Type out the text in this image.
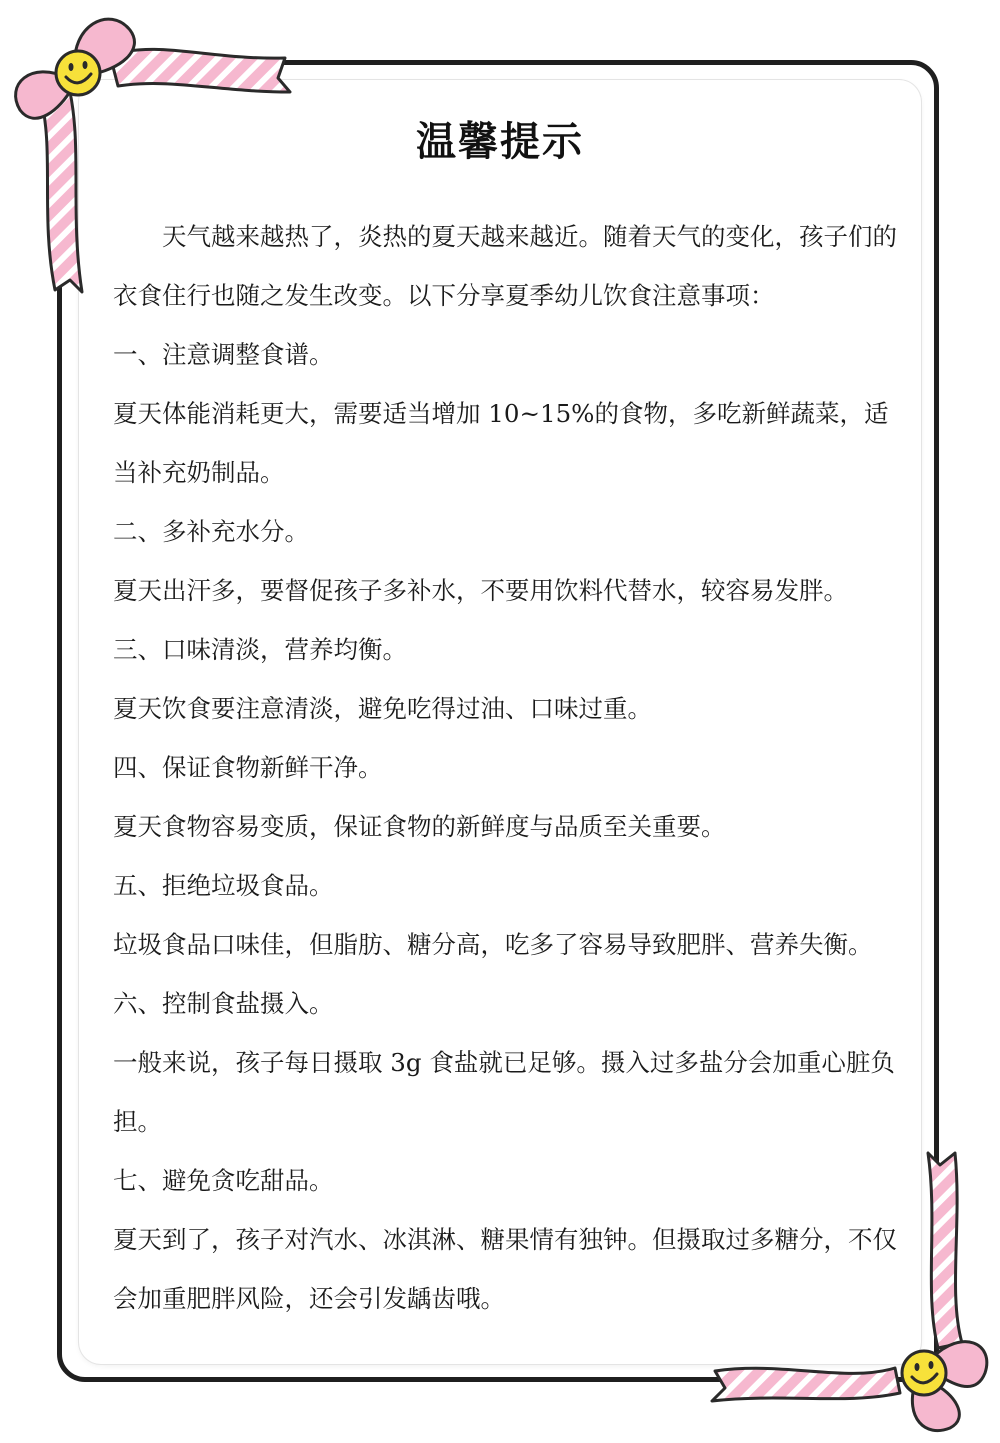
温馨提示

天气越来越热了，炎热的夏天越来越近。随着天气的变化，孩子们的衣食住行也随之发生改变。以下分享夏季幼儿饮食注意事项：

一、注意调整食谱。

夏天体能消耗更大，需要适当增加 10~15%的食物，多吃新鲜蔬菜，适当补充奶制品。

二、多补充水分。

夏天出汗多，要督促孩子多补水，不要用饮料代替水，较容易发胖。

三、口味清淡，营养均衡。

夏天饮食要注意清淡，避免吃得过油、口味过重。

四、保证食物新鲜干净。

夏天食物容易变质，保证食物的新鲜度与品质至关重要。

五、拒绝垃圾食品。

垃圾食品口味佳，但脂肪、糖分高，吃多了容易导致肥胖、营养失衡。

六、控制食盐摄入。

一般来说，孩子每日摄取 3g 食盐就已足够。摄入过多盐分会加重心脏负担。

七、避免贪吃甜品。

夏天到了，孩子对汽水、冰淇淋、糖果情有独钟。但摄取过多糖分，不仅会加重肥胖风险，还会引发龋齿哦。
